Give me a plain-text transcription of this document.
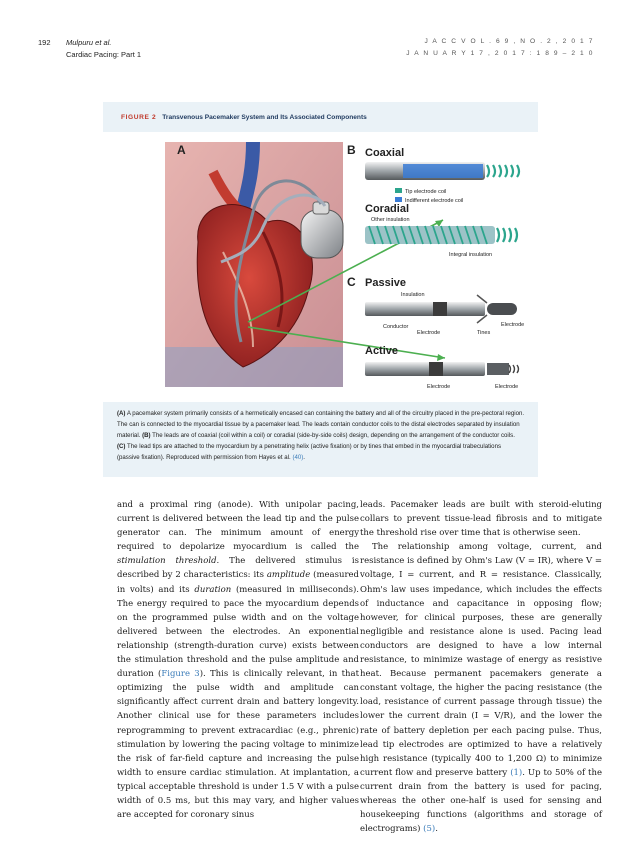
192 Mulpuru et al.
Cardiac Pacing: Part 1
J A C C V O L . 6 9 , N O . 2 , 2 0 1 7
J A N U A R Y 1 7 , 2 0 1 7 : 1 8 9 – 2 1 0
FIGURE 2 Transvenous Pacemaker System and Its Associated Components
A	B Coaxial
Tip electrode coil
Indifferent electrode coil
Coradial
Other insulation
Integral insulation
C Passive
Insulation
Conductor
Electrode	Tines
Electrode
Active
Electrode	Electrode
(A) A pacemaker system primarily consists of a hermetically encased can containing the battery and all of the circuitry placed in the pre-pectoral region. The can is connected to the myocardial tissue by a pacemaker lead. The leads contain conductor coils to the distal electrodes separated by insulation material. (B) The leads are of coaxial (coil within a coil) or coradial (side-by-side coils) design, depending on the arrangement of the conductor coils. (C) The lead tips are attached to the myocardium by a penetrating helix (active fixation) or by tines that embed in the myocardial trabeculations (passive fixation). Reproduced with permission from Hayes et al. (40).

and a proximal ring (anode). With unipolar pacing, current is delivered between the lead tip and the pulse generator can. The minimum amount of energy required to depolarize myocardium is called the stimulation threshold. The delivered stimulus is described by 2 characteristics: its amplitude (measured in volts) and its duration (measured in milliseconds). The energy required to pace the myocardium depends on the programmed pulse width and on the voltage delivered between the electrodes. An exponential relationship (strength-duration curve) exists between the stimulation threshold and the pulse amplitude and duration (Figure 3). This is clinically relevant, in that optimizing the pulse width and amplitude can significantly affect current drain and battery longevity. Another clinical use for these parameters includes reprogramming to prevent extracardiac (e.g., phrenic) stimulation by lowering the pacing voltage to minimize the risk of far-field capture and increasing the pulse width to ensure cardiac stimulation. At implantation, a typical acceptable threshold is under 1.5 V with a pulse width of 0.5 ms, but this may vary, and higher values are accepted for coronary sinus

leads. Pacemaker leads are built with steroid-eluting collars to prevent tissue-lead fibrosis and to mitigate the threshold rise over time that is otherwise seen.

The relationship among voltage, current, and resistance is defined by Ohm's Law (V = IR), where V = voltage, I = current, and R = resistance. Classically, Ohm's law uses impedance, which includes the effects of inductance and capacitance in opposing flow; however, for clinical purposes, these are generally negligible and resistance alone is used. Pacing lead conductors are designed to have a low internal resistance, to minimize wastage of energy as resistive heat. Because permanent pacemakers generate a constant voltage, the higher the pacing resistance (the load, resistance of current passage through tissue) the lower the current drain (I = V/R), and the lower the rate of battery depletion per each pacing pulse. Thus, lead tip electrodes are optimized to have a relatively high resistance (typically 400 to 1,200 Ω) to minimize current flow and preserve battery (1). Up to 50% of the current drain from the battery is used for pacing, whereas the other one-half is used for sensing and housekeeping functions (algorithms and storage of electrograms) (5).
